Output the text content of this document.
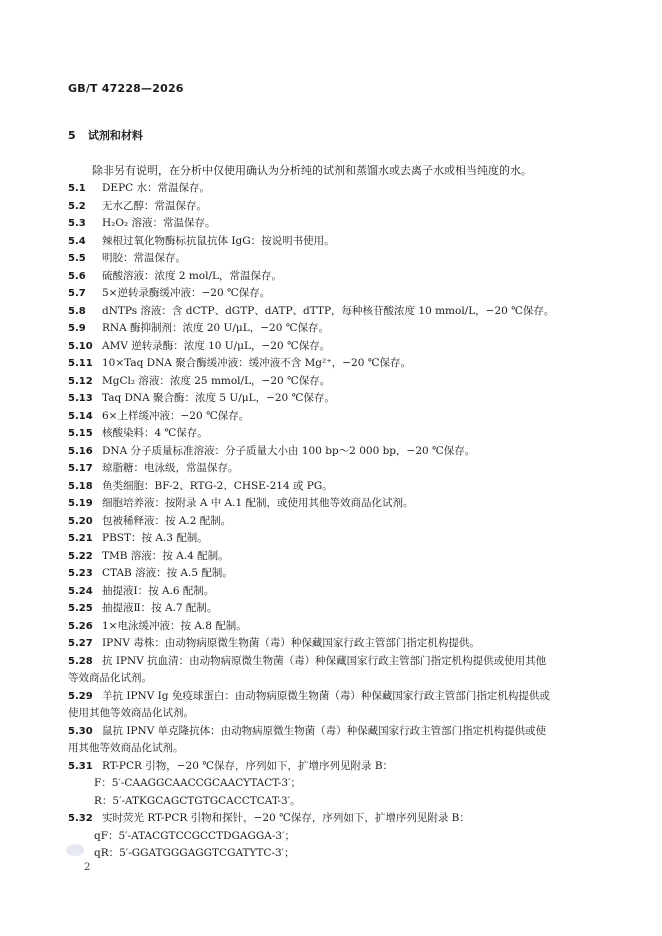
GB/T 47228—2026
5 试剂和材料
除非另有说明，在分析中仅使用确认为分析纯的试剂和蒸馏水或去离子水或相当纯度的水。
5.1	DEPC 水：常温保存。
5.2	无水乙醇：常温保存。
5.3	H₂O₂ 溶液：常温保存。
5.4	辣根过氧化物酶标抗鼠抗体 IgG：按说明书使用。
5.5	明胶：常温保存。
5.6	硫酸溶液：浓度 2 mol/L，常温保存。
5.7	5×逆转录酶缓冲液：−20 ℃保存。
5.8	dNTPs 溶液：含 dCTP、dGTP、dATP、dTTP，每种核苷酸浓度 10 mmol/L，−20 ℃保存。
5.9	RNA 酶抑制剂：浓度 20 U/μL，−20 ℃保存。
5.10 AMV 逆转录酶：浓度 10 U/μL，−20 ℃保存。
5.11 10×Taq DNA 聚合酶缓冲液：缓冲液不含 Mg²⁺，−20 ℃保存。
5.12 MgCl₂ 溶液：浓度 25 mmol/L，−20 ℃保存。
5.13 Taq DNA 聚合酶：浓度 5 U/μL，−20 ℃保存。
5.14 6×上样缓冲液：−20 ℃保存。
5.15 核酸染料：4 ℃保存。
5.16 DNA 分子质量标准溶液：分子质量大小由 100 bp～2 000 bp，−20 ℃保存。
5.17 琼脂糖：电泳级，常温保存。
5.18 鱼类细胞：BF-2、RTG-2、CHSE-214 或 PG。
5.19 细胞培养液：按附录 A 中 A.1 配制，或使用其他等效商品化试剂。
5.20 包被稀释液：按 A.2 配制。
5.21 PBST：按 A.3 配制。
5.22 TMB 溶液：按 A.4 配制。
5.23 CTAB 溶液：按 A.5 配制。
5.24 抽提液Ⅰ：按 A.6 配制。
5.25 抽提液Ⅱ：按 A.7 配制。
5.26 1×电泳缓冲液：按 A.8 配制。
5.27 IPNV 毒株：由动物病原微生物菌（毒）种保藏国家行政主管部门指定机构提供。
5.28 抗 IPNV 抗血清：由动物病原微生物菌（毒）种保藏国家行政主管部门指定机构提供或使用其他
等效商品化试剂。
5.29 羊抗 IPNV Ig 免疫球蛋白：由动物病原微生物菌（毒）种保藏国家行政主管部门指定机构提供或
使用其他等效商品化试剂。
5.30 鼠抗 IPNV 单克隆抗体：由动物病原微生物菌（毒）种保藏国家行政主管部门指定机构提供或使
用其他等效商品化试剂。
5.31 RT-PCR 引物，−20 ℃保存，序列如下，扩增序列见附录 B：
F：5′-CAAGGCAACCGCAACYTACT-3′；
R：5′-ATKGCAGCTGTGCACCTCAT-3′。
5.32 实时荧光 RT-PCR 引物和探针，−20 ℃保存，序列如下，扩增序列见附录 B：
qF：5′-ATACGTCCGCCTDGAGGA-3′；
qR：5′-GGATGGGAGGTCGATYTC-3′；
2
